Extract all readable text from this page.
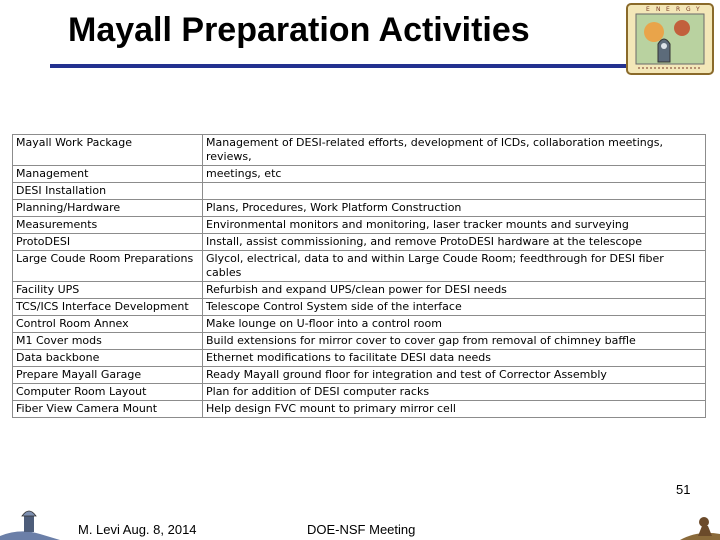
Mayall Preparation Activities
E N E R G Y
Mayall Work Package	Management of DESI-related efforts, development of ICDs, collaboration meetings, reviews,
Management	meetings, etc
DESI Installation	
Planning/Hardware	Plans, Procedures, Work Platform Construction
Measurements	Environmental monitors and monitoring, laser tracker mounts and surveying
ProtoDESI	Install, assist commissioning, and remove ProtoDESI hardware at the telescope
Large Coude Room Preparations	Glycol, electrical, data to and within Large Coude Room; feedthrough for DESI fiber cables
Facility UPS	Refurbish and expand UPS/clean power for DESI needs
TCS/ICS Interface Development	Telescope Control System side of the interface
Control Room Annex	Make lounge on U-floor into a control room
M1 Cover mods	Build extensions for mirror cover to cover gap from removal of chimney baffle
Data backbone	Ethernet modifications to facilitate DESI data needs
Prepare Mayall Garage	Ready Mayall ground floor for integration and test of Corrector Assembly
Computer Room Layout	Plan for addition of DESI computer racks
Fiber View Camera Mount	Help design FVC mount to primary mirror cell
M. Levi Aug. 8, 2014	DOE-NSF Meeting
51
